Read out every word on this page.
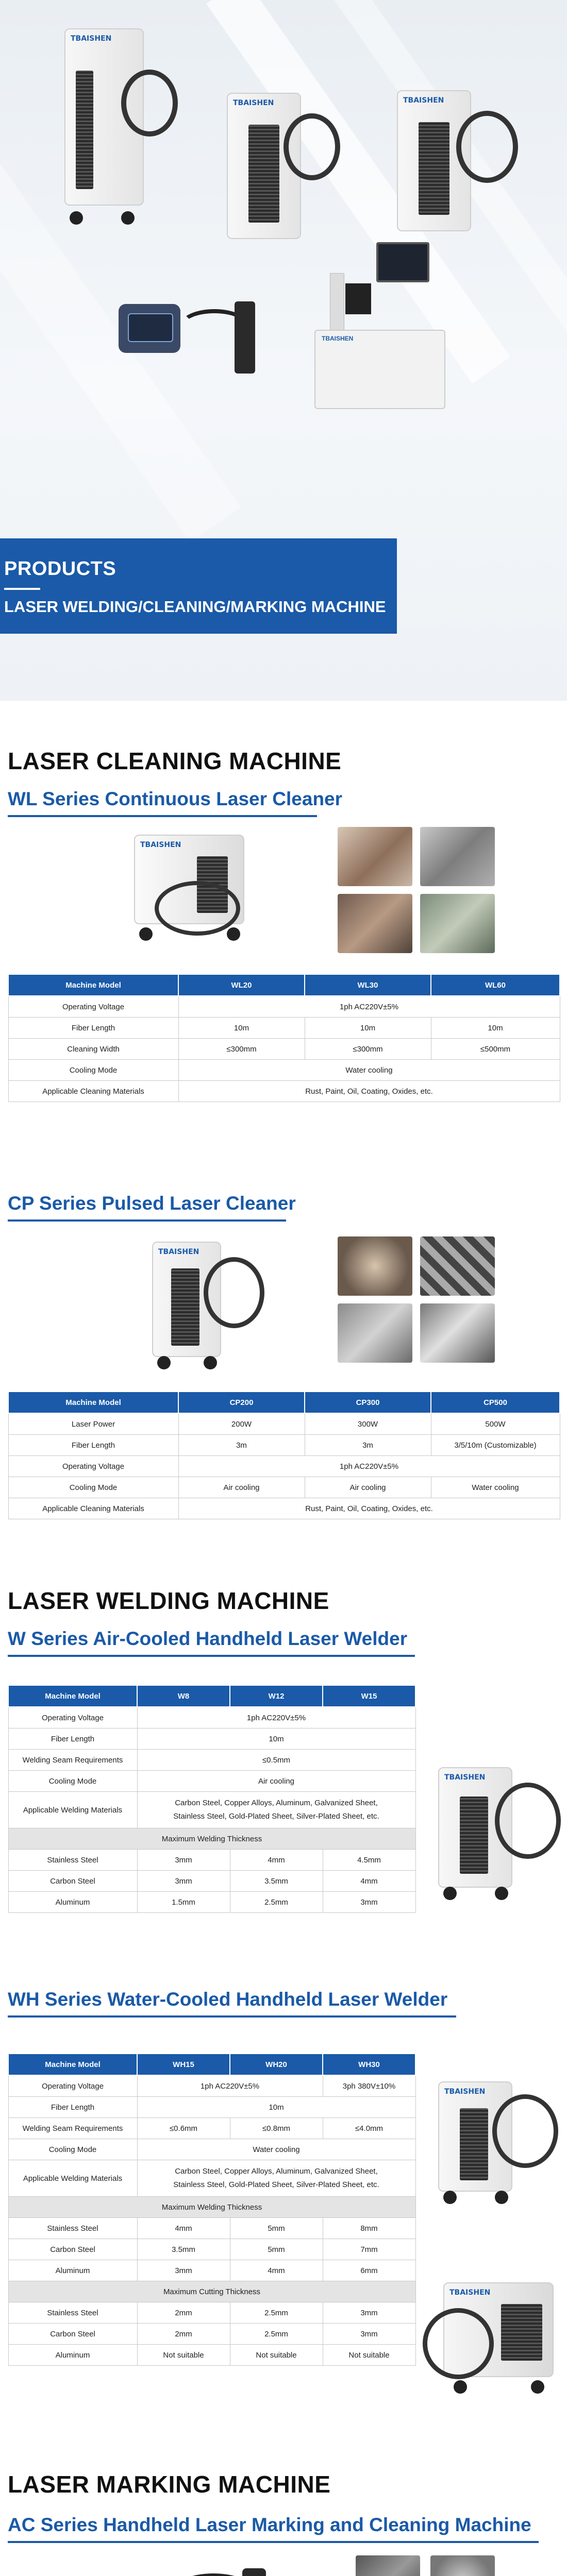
TBAISHEN
TBAISHEN	TBAISHEN
TBAISHEN
PRODUCTS
LASER WELDING/CLEANING/MARKING MACHINE
LASER CLEANING MACHINE
WL Series Continuous Laser Cleaner
TBAISHEN
Machine Model	WL20	WL30	WL60
Operating Voltage	1ph AC220V±5%		
Fiber Length	10m	10m	10m
Cleaning Width	≤300mm	≤300mm	≤500mm
Cooling Mode	Water cooling		
Applicable Cleaning Materials	Rust, Paint, Oil, Coating, Oxides, etc.		
CP Series Pulsed Laser Cleaner
TBAISHEN
Machine Model	CP200	CP300	CP500
Laser Power	200W	300W	500W
Fiber Length	3m	3m	3/5/10m (Customizable)
Operating Voltage	1ph AC220V±5%		
Cooling Mode	Air cooling	Air cooling	Water cooling
Applicable Cleaning Materials	Rust, Paint, Oil, Coating, Oxides, etc.		
LASER WELDING MACHINE
W Series Air-Cooled Handheld Laser Welder
Machine Model	W8	W12	W15
Operating Voltage	1ph AC220V±5%		
Fiber Length	10m		
Welding Seam Requirements	≤0.5mm		
Cooling Mode	Air cooling		
Applicable Welding Materials	Carbon Steel, Copper Alloys, Aluminum, Galvanized Sheet,
Stainless Steel, Gold-Plated Sheet, Silver-Plated Sheet, etc.		
Maximum Welding Thickness			
Stainless Steel	3mm	4mm	4.5mm
Carbon Steel	3mm	3.5mm	4mm
Aluminum	1.5mm	2.5mm	3mm
TBAISHEN
WH Series Water-Cooled Handheld Laser Welder
Machine Model	WH15	WH20	WH30
Operating Voltage	1ph AC220V±5%		3ph 380V±10%
Fiber Length	10m		
Welding Seam Requirements	≤0.6mm	≤0.8mm	≤4.0mm
Cooling Mode	Water cooling		
Applicable Welding Materials	Carbon Steel, Copper Alloys, Aluminum, Galvanized Sheet,
Stainless Steel, Gold-Plated Sheet, Silver-Plated Sheet, etc.		
Maximum Welding Thickness			
Stainless Steel	4mm	5mm	8mm
Carbon Steel	3.5mm	5mm	7mm
Aluminum	3mm	4mm	6mm
Maximum Cutting Thickness			
Stainless Steel	2mm	2.5mm	3mm
Carbon Steel	2mm	2.5mm	3mm
Aluminum	Not suitable	Not suitable	Not suitable
TBAISHEN
TBAISHEN
LASER MARKING MACHINE
AC Series Handheld Laser Marking and Cleaning Machine
